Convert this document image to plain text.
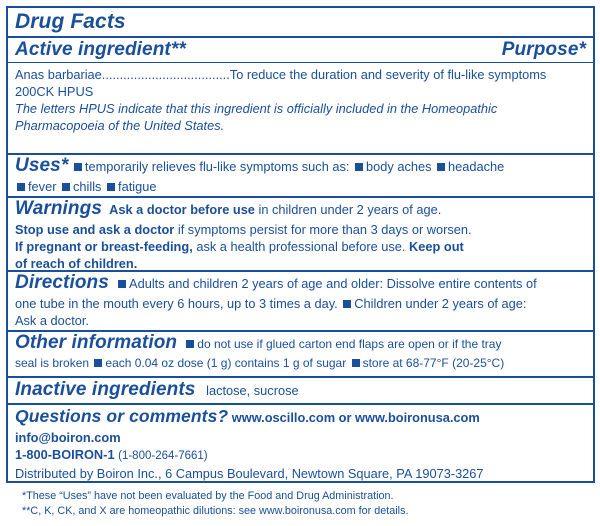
Drug Facts
Active ingredient**	Purpose*
Anas barbariae....................................To reduce the duration and severity of flu-like symptoms
200CK HPUS
The letters HPUS indicate that this ingredient is officially included in the Homeopathic
Pharmacopoeia of the United States.
Uses* temporarily relieves flu-like symptoms such as: body aches headache
fever chills fatigue
Warnings Ask a doctor before use in children under 2 years of age.
Stop use and ask a doctor if symptoms persist for more than 3 days or worsen.
If pregnant or breast-feeding, ask a health professional before use. Keep out
of reach of children.
Directions Adults and children 2 years of age and older: Dissolve entire contents of
one tube in the mouth every 6 hours, up to 3 times a day. Children under 2 years of age:
Ask a doctor.
Other information do not use if glued carton end flaps are open or if the tray
seal is broken each 0.04 oz dose (1 g) contains 1 g of sugar store at 68-77°F (20-25°C)
Inactive ingredients lactose, sucrose
Questions or comments? www.oscillo.com or www.boironusa.com
info@boiron.com
1-800-BOIRON-1 (1-800-264-7661)
Distributed by Boiron Inc., 6 Campus Boulevard, Newtown Square, PA 19073-3267
*These “Uses” have not been evaluated by the Food and Drug Administration.
**C, K, CK, and X are homeopathic dilutions: see www.boironusa.com for details.
